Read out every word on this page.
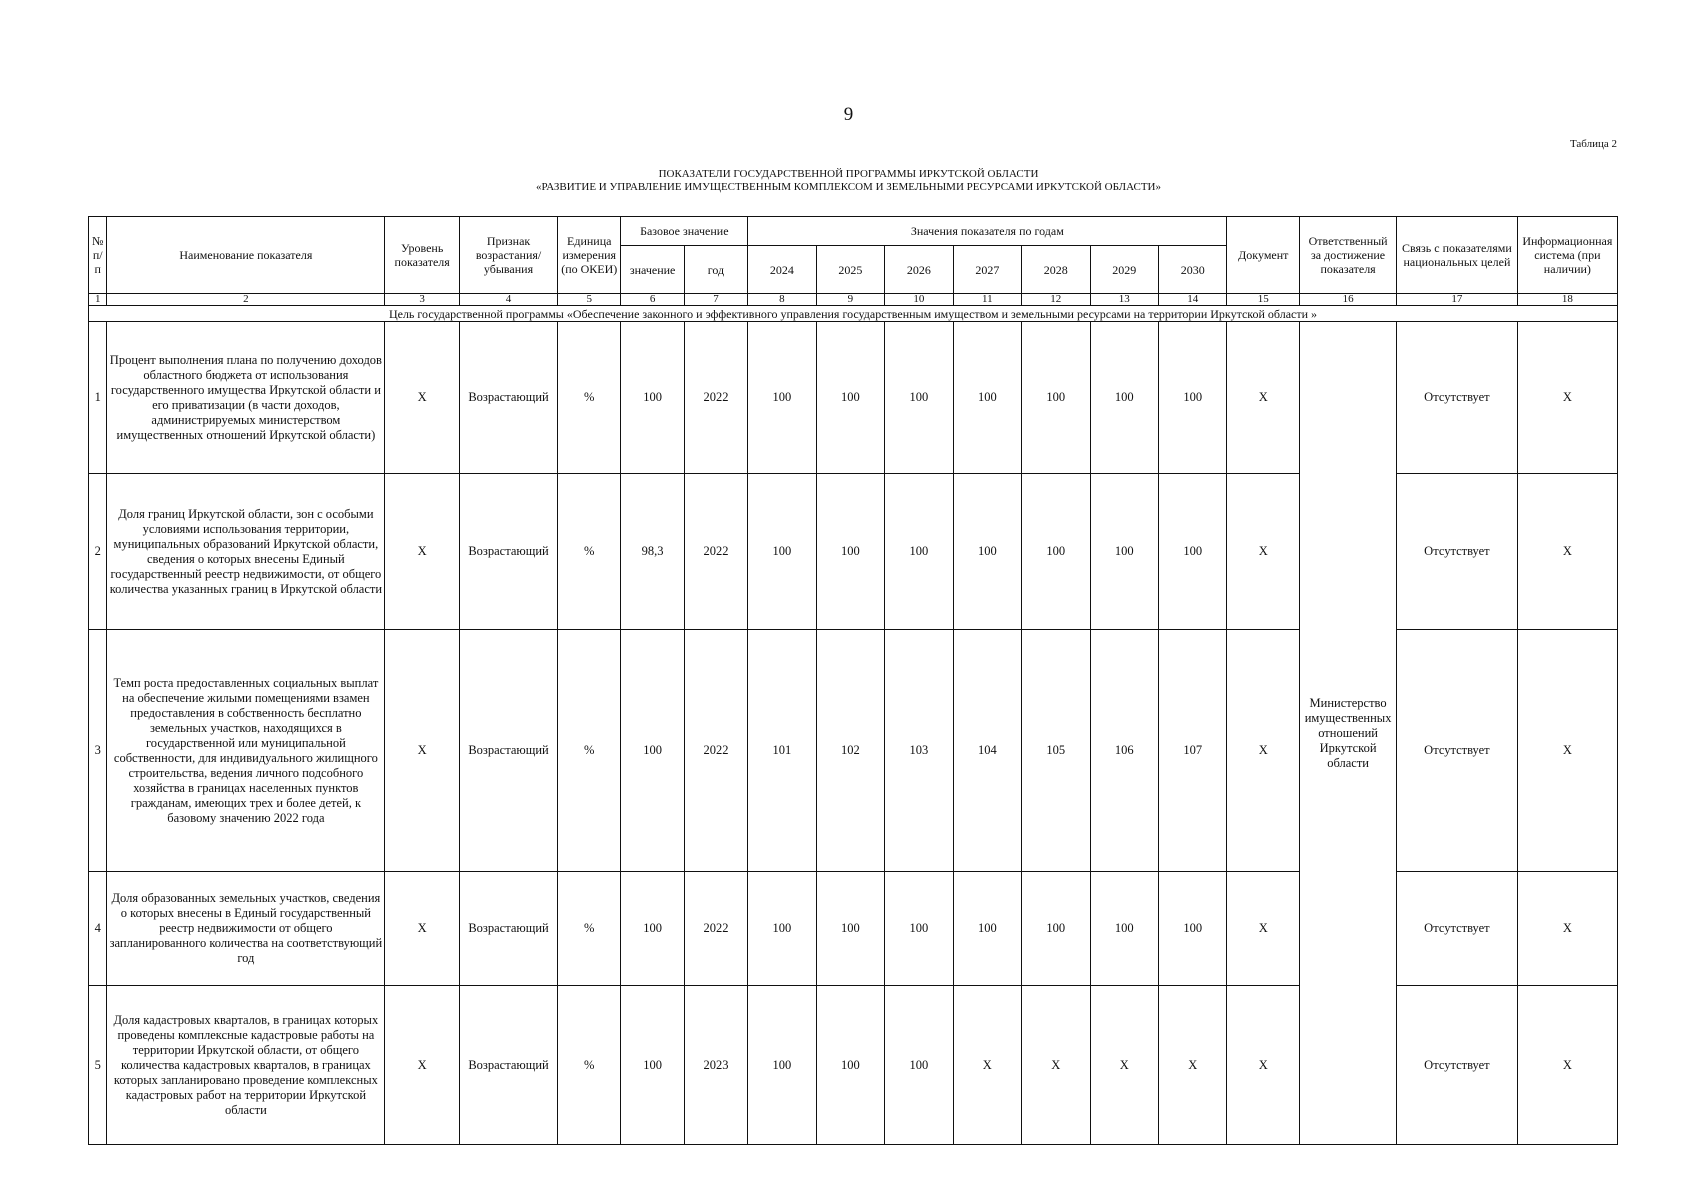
9
Таблица 2
ПОКАЗАТЕЛИ ГОСУДАРСТВЕННОЙ ПРОГРАММЫ ИРКУТСКОЙ ОБЛАСТИ
«РАЗВИТИЕ И УПРАВЛЕНИЕ ИМУЩЕСТВЕННЫМ КОМПЛЕКСОМ И ЗЕМЕЛЬНЫМИ РЕСУРСАМИ ИРКУТСКОЙ ОБЛАСТИ»
№ п/п	Наименование показателя	Уровень показателя	Признак возрастания/ убывания	Единица измерения (по ОКЕИ)	Базовое значение		Значения показателя по годам							Документ	Ответственный за достижение показателя	Связь с показателями национальных целей	Информационная система (при наличии)
					значение	год	2024	2025	2026	2027	2028	2029	2030				
1	2	3	4	5	6	7	8	9	10	11	12	13	14	15	16	17	18
Цель государственной программы «Обеспечение законного и эффективного управления государственным имуществом и земельными ресурсами на территории Иркутской области »																	
1	Процент выполнения плана по получению доходов областного бюджета от использования государственного имущества Иркутской области и его приватизации (в части доходов, администрируемых министерством имущественных отношений Иркутской области)	X	Возрастающий	%	100	2022	100	100	100	100	100	100	100	X	Министерство имущественных отношений Иркутской области	Отсутствует	X
2	Доля границ Иркутской области, зон с особыми условиями использования территории, муниципальных образований Иркутской области, сведения о которых внесены Единый государственный реестр недвижимости, от общего количества указанных границ в Иркутской области	X	Возрастающий	%	98,3	2022	100	100	100	100	100	100	100	X		Отсутствует	X
3	Темп роста предоставленных социальных выплат на обеспечение жилыми помещениями взамен предоставления в собственность бесплатно земельных участков, находящихся в государственной или муниципальной собственности, для индивидуального жилищного строительства, ведения личного подсобного хозяйства в границах населенных пунктов гражданам, имеющих трех и более детей, к базовому значению 2022 года	X	Возрастающий	%	100	2022	101	102	103	104	105	106	107	X		Отсутствует	X
4	Доля образованных земельных участков, сведения о которых внесены в Единый государственный реестр недвижимости от общего запланированного количества на соответствующий год	X	Возрастающий	%	100	2022	100	100	100	100	100	100	100	X		Отсутствует	X
5	Доля кадастровых кварталов, в границах которых проведены комплексные кадастровые работы на территории Иркутской области, от общего количества кадастровых кварталов, в границах которых запланировано проведение комплексных кадастровых работ на территории Иркутской области	X	Возрастающий	%	100	2023	100	100	100	X	X	X	X	X		Отсутствует	X
